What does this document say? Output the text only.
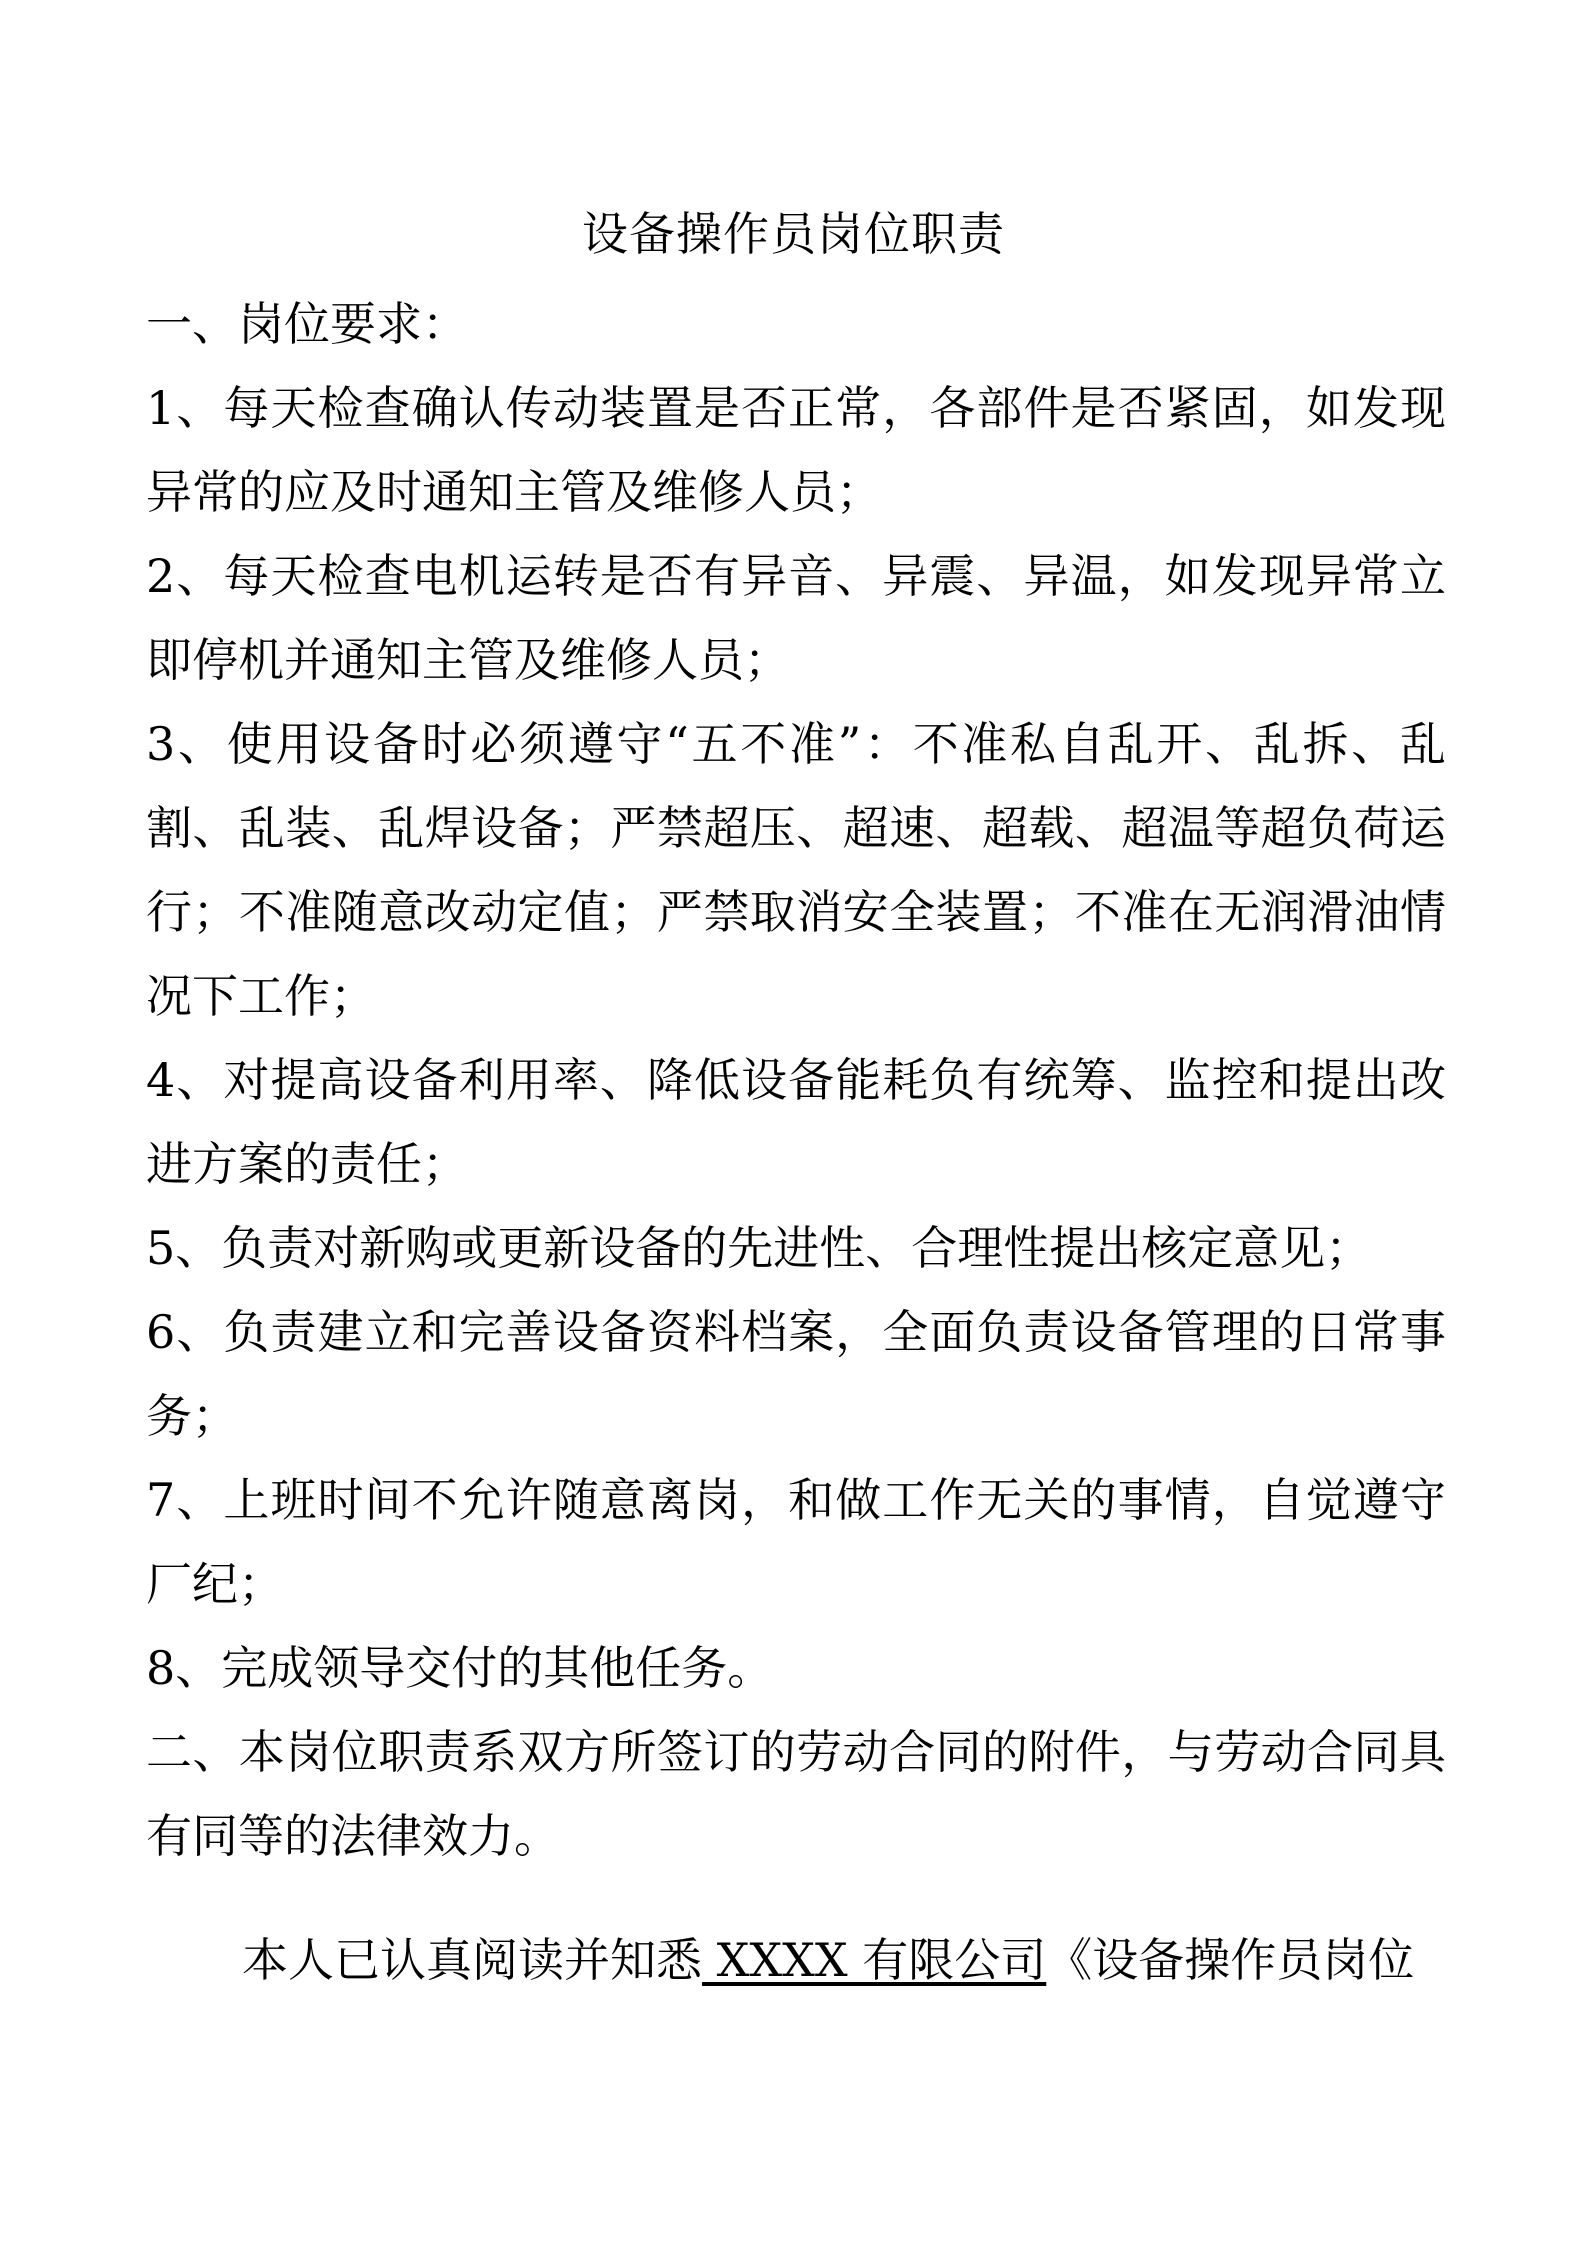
设备操作员岗位职责

一、岗位要求：

1、每天检查确认传动装置是否正常，各部件是否紧固，如发现异常的应及时通知主管及维修人员；

2、每天检查电机运转是否有异音、异震、异温，如发现异常立即停机并通知主管及维修人员；

3、使用设备时必须遵守“五不准”：不准私自乱开、乱拆、乱割、乱装、乱焊设备；严禁超压、超速、超载、超温等超负荷运行；不准随意改动定值；严禁取消安全装置；不准在无润滑油情况下工作；

4、对提高设备利用率、降低设备能耗负有统筹、监控和提出改进方案的责任；

5、负责对新购或更新设备的先进性、合理性提出核定意见；

6、负责建立和完善设备资料档案，全面负责设备管理的日常事务；

7、上班时间不允许随意离岗，和做工作无关的事情，自觉遵守厂纪；

8、完成领导交付的其他任务。

二、本岗位职责系双方所签订的劳动合同的附件，与劳动合同具有同等的法律效力。

本人已认真阅读并知悉 XXXX 有限公司《设备操作员岗位
